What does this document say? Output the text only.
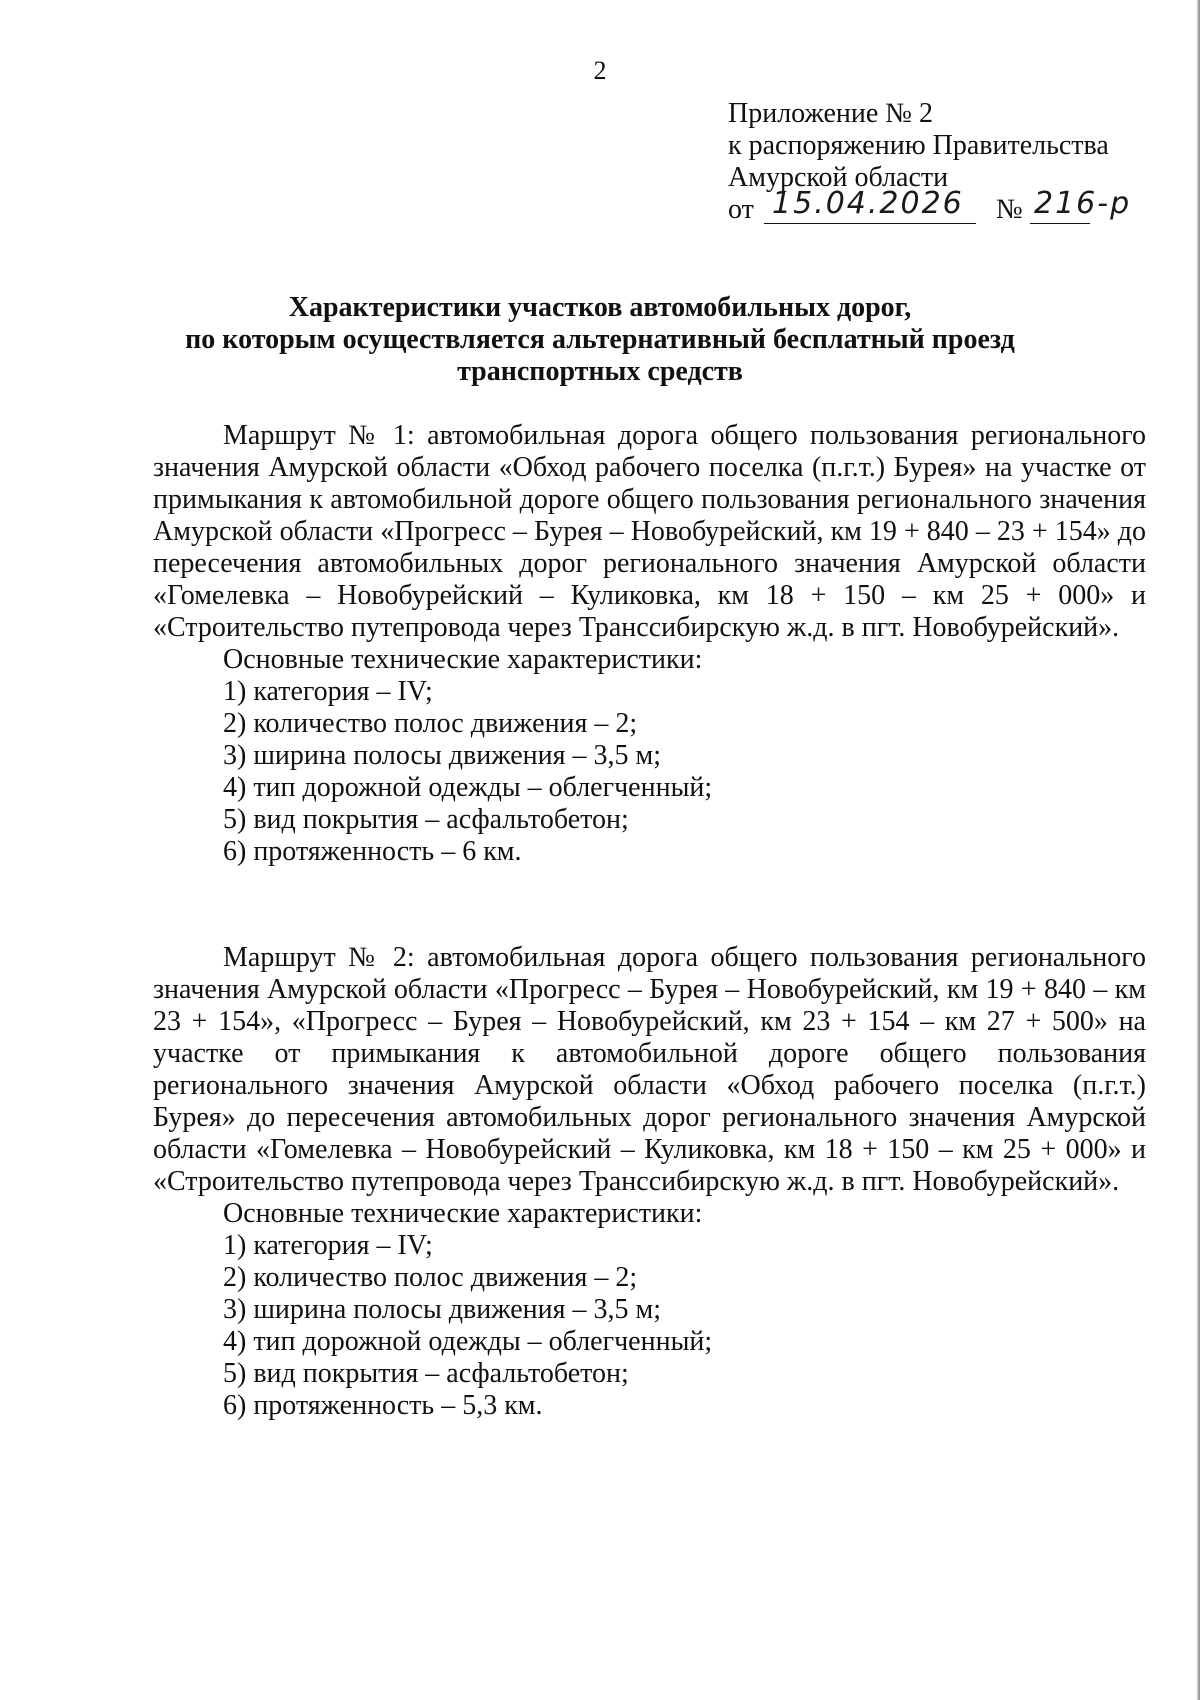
2
Приложение № 2
к распоряжению Правительства
Амурской области
от 15.04.2026 № 216-р
Характеристики участков автомобильных дорог,
по которым осуществляется альтернативный бесплатный проезд
транспортных средств

Маршрут № 1: автомобильная дорога общего пользования регионального значения Амурской области «Обход рабочего поселка (п.г.т.) Бурея» на участке от примыкания к автомобильной дороге общего пользования регионального значения Амурской области «Прогресс – Бурея – Новобурейский, км 19 + 840 – 23 + 154» до пересечения автомобильных дорог регионального значения Амурской области «Гомелевка – Новобурейский – Куликовка, км 18 + 150 – км 25 + 000» и «Строительство путепровода через Транссибирскую ж.д. в пгт. Новобурейский».

Основные технические характеристики:

1) категория – IV;

2) количество полос движения – 2;

3) ширина полосы движения – 3,5 м;

4) тип дорожной одежды – облегченный;

5) вид покрытия – асфальтобетон;

6) протяженность – 6 км.

Маршрут № 2: автомобильная дорога общего пользования регионального значения Амурской области «Прогресс – Бурея – Новобурейский, км 19 + 840 – км 23 + 154», «Прогресс – Бурея – Новобурейский, км 23 + 154 – км 27 + 500» на участке от примыкания к автомобильной дороге общего пользования регионального значения Амурской области «Обход рабочего поселка (п.г.т.) Бурея» до пересечения автомобильных дорог регионального значения Амурской области «Гомелевка – Новобурейский – Куликовка, км 18 + 150 – км 25 + 000» и «Строительство путепровода через Транссибирскую ж.д. в пгт. Новобурейский».

Основные технические характеристики:

1) категория – IV;

2) количество полос движения – 2;

3) ширина полосы движения – 3,5 м;

4) тип дорожной одежды – облегченный;

5) вид покрытия – асфальтобетон;

6) протяженность – 5,3 км.
